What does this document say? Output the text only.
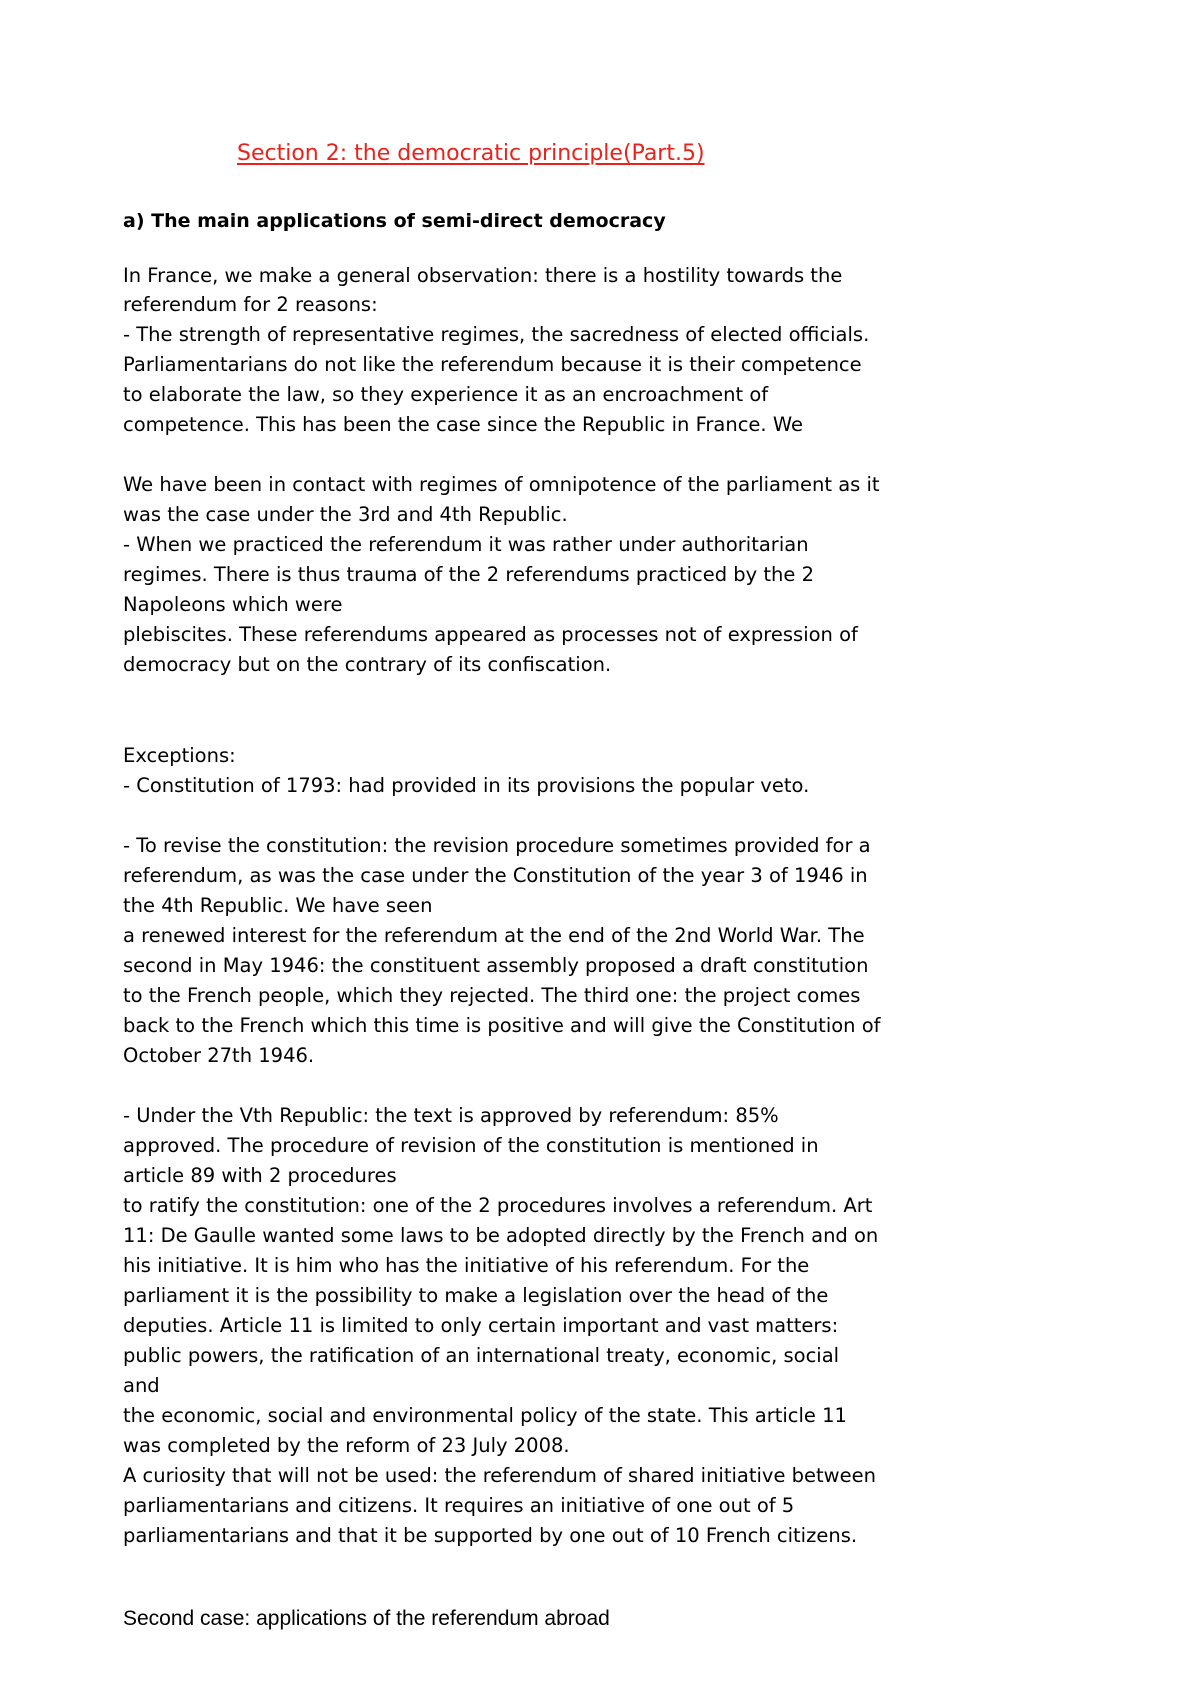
Section 2: the democratic principle(Part.5)
a) The main applications of semi-direct democracy
In France, we make a general observation: there is a hostility towards the
referendum for 2 reasons:
- The strength of representative regimes, the sacredness of elected officials.
Parliamentarians do not like the referendum because it is their competence
to elaborate the law, so they experience it as an encroachment of
competence. This has been the case since the Republic in France. We
We have been in contact with regimes of omnipotence of the parliament as it
was the case under the 3rd and 4th Republic.
- When we practiced the referendum it was rather under authoritarian
regimes. There is thus trauma of the 2 referendums practiced by the 2
Napoleons which were
plebiscites. These referendums appeared as processes not of expression of
democracy but on the contrary of its confiscation.
Exceptions:
- Constitution of 1793: had provided in its provisions the popular veto.
- To revise the constitution: the revision procedure sometimes provided for a
referendum, as was the case under the Constitution of the year 3 of 1946 in
the 4th Republic. We have seen
a renewed interest for the referendum at the end of the 2nd World War. The
second in May 1946: the constituent assembly proposed a draft constitution
to the French people, which they rejected. The third one: the project comes
back to the French which this time is positive and will give the Constitution of
October 27th 1946.
- Under the Vth Republic: the text is approved by referendum: 85%
approved. The procedure of revision of the constitution is mentioned in
article 89 with 2 procedures
to ratify the constitution: one of the 2 procedures involves a referendum. Art
11: De Gaulle wanted some laws to be adopted directly by the French and on
his initiative. It is him who has the initiative of his referendum. For the
parliament it is the possibility to make a legislation over the head of the
deputies. Article 11 is limited to only certain important and vast matters:
public powers, the ratification of an international treaty, economic, social
and
the economic, social and environmental policy of the state. This article 11
was completed by the reform of 23 July 2008.
A curiosity that will not be used: the referendum of shared initiative between
parliamentarians and citizens. It requires an initiative of one out of 5
parliamentarians and that it be supported by one out of 10 French citizens.
Second case: applications of the referendum abroad
